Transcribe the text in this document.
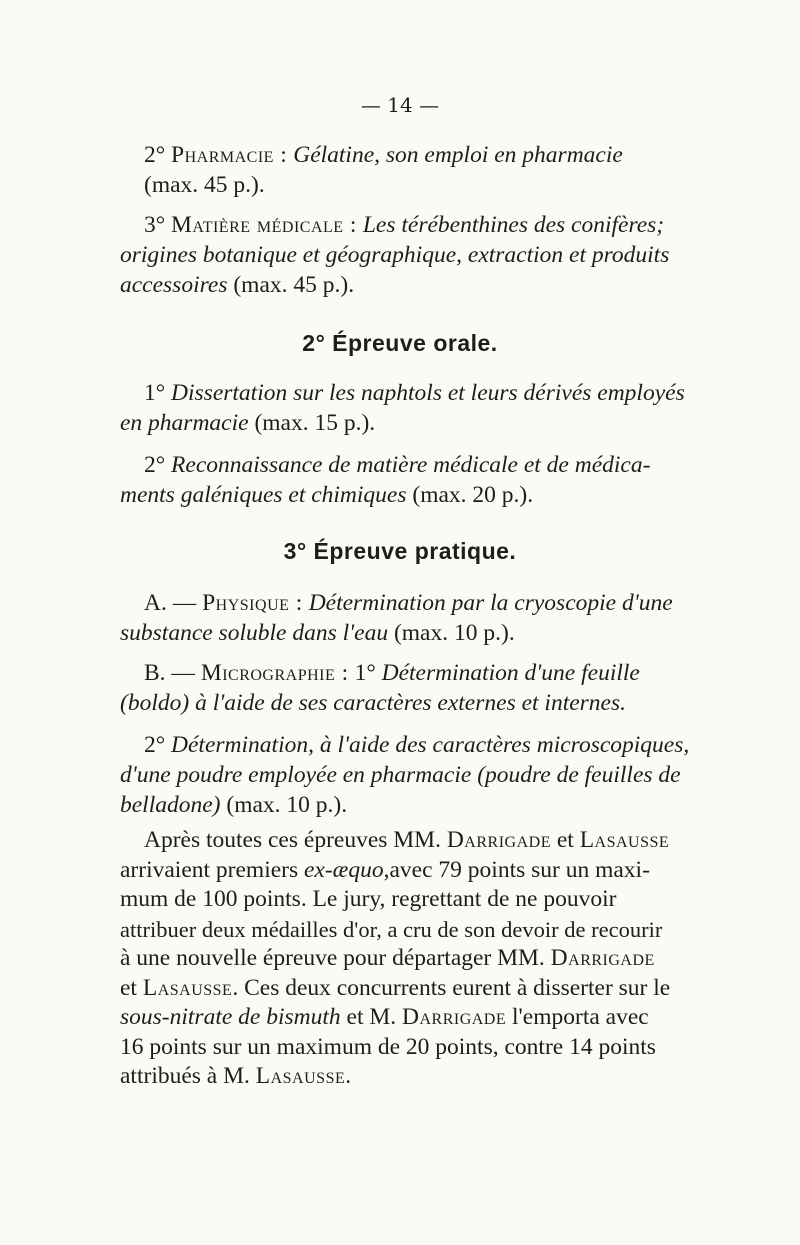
— 14 —
2° Pharmacie : Gélatine, son emploi en pharmacie
(max. 45 p.).
3° Matière médicale : Les térébenthines des conifères;
origines botanique et géographique, extraction et produits
accessoires (max. 45 p.).
2° Épreuve orale.
1° Dissertation sur les naphtols et leurs dérivés employés
en pharmacie (max. 15 p.).
2° Reconnaissance de matière médicale et de médica-
ments galéniques et chimiques (max. 20 p.).
3° Épreuve pratique.
A. — Physique : Détermination par la cryoscopie d'une
substance soluble dans l'eau (max. 10 p.).
B. — Micrographie : 1° Détermination d'une feuille
(boldo) à l'aide de ses caractères externes et internes.
2° Détermination, à l'aide des caractères microscopiques,
d'une poudre employée en pharmacie (poudre de feuilles de
belladone) (max. 10 p.).
Après toutes ces épreuves MM. Darrigade et Lasausse
arrivaient premiers ex-æquo,avec 79 points sur un maxi-
mum de 100 points. Le jury, regrettant de ne pouvoir
attribuer deux médailles d'or, a cru de son devoir de recourir
à une nouvelle épreuve pour départager MM. Darrigade
et Lasausse. Ces deux concurrents eurent à disserter sur le
sous-nitrate de bismuth et M. Darrigade l'emporta avec
16 points sur un maximum de 20 points, contre 14 points
attribués à M. Lasausse.
